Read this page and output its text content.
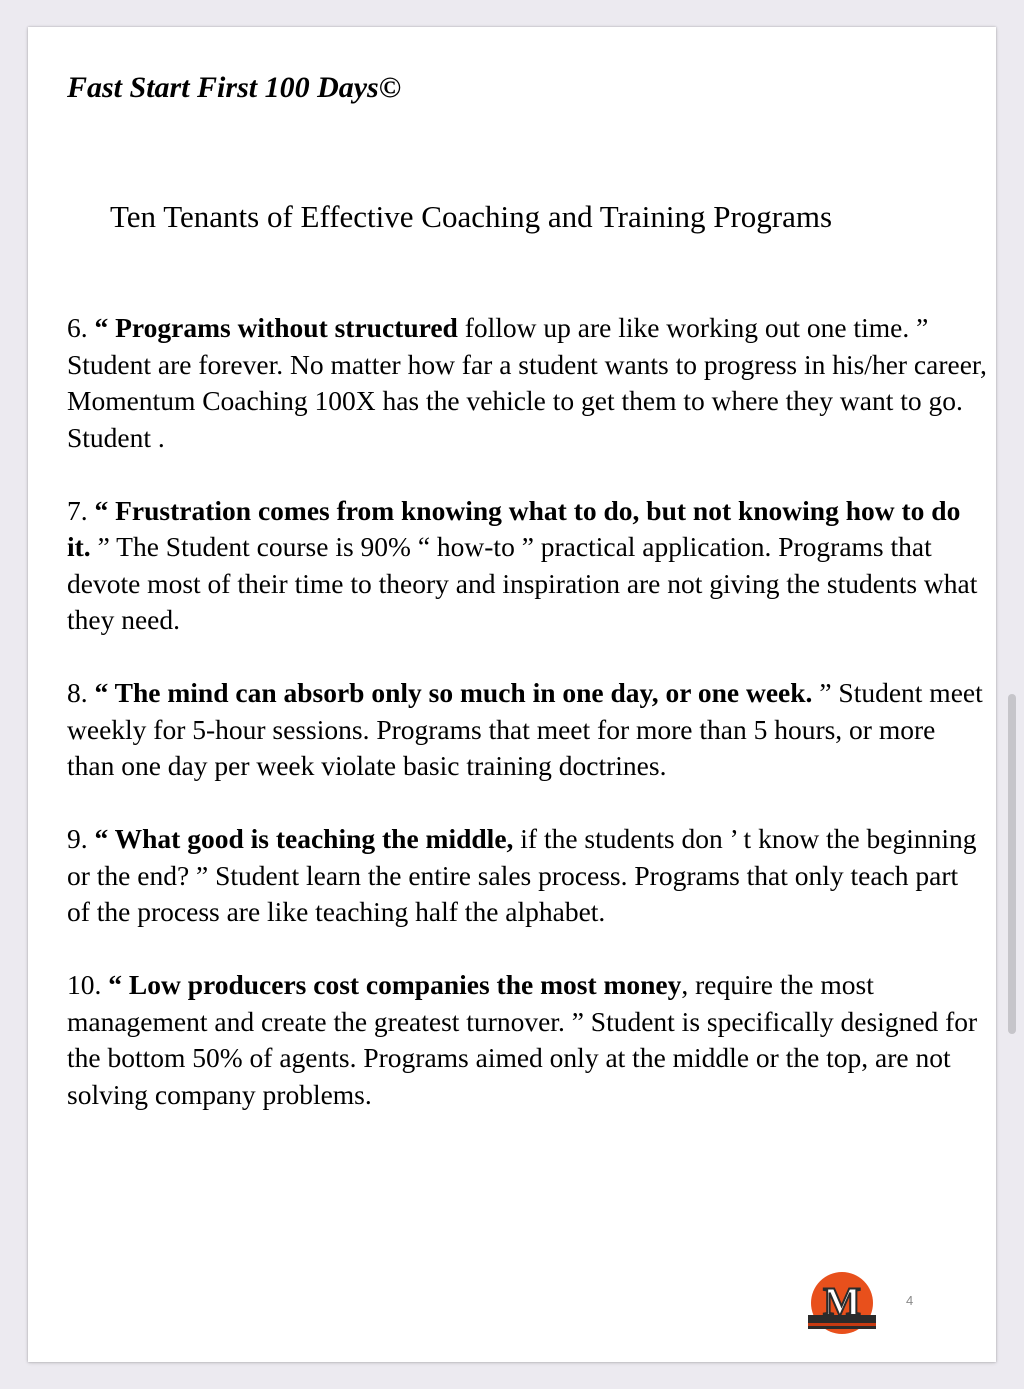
Fast Start First 100 Days©
Ten Tenants of Effective Coaching and Training Programs

6. “ Programs without structured follow up are like working out one time. ” Student are forever. No matter how far a student wants to progress in his/her career, Momentum Coaching 100X has the vehicle to get them to where they want to go. Student .

7. “ Frustration comes from knowing what to do, but not knowing how to do it. ” The Student course is 90% “ how-to ” practical application. Programs that devote most of their time to theory and inspiration are not giving the students what they need.

8. “ The mind can absorb only so much in one day, or one week. ” Student meet weekly for 5-hour sessions. Programs that meet for more than 5 hours, or more than one day per week violate basic training doctrines.

9. “ What good is teaching the middle, if the students don ’ t know the beginning or the end? ” Student learn the entire sales process. Programs that only teach part of the process are like teaching half the alphabet.

10. “ Low producers cost companies the most money, require the most management and create the greatest turnover. ” Student is specifically designed for the bottom 50% of agents. Programs aimed only at the middle or the top, are not solving company problems.

M	4
